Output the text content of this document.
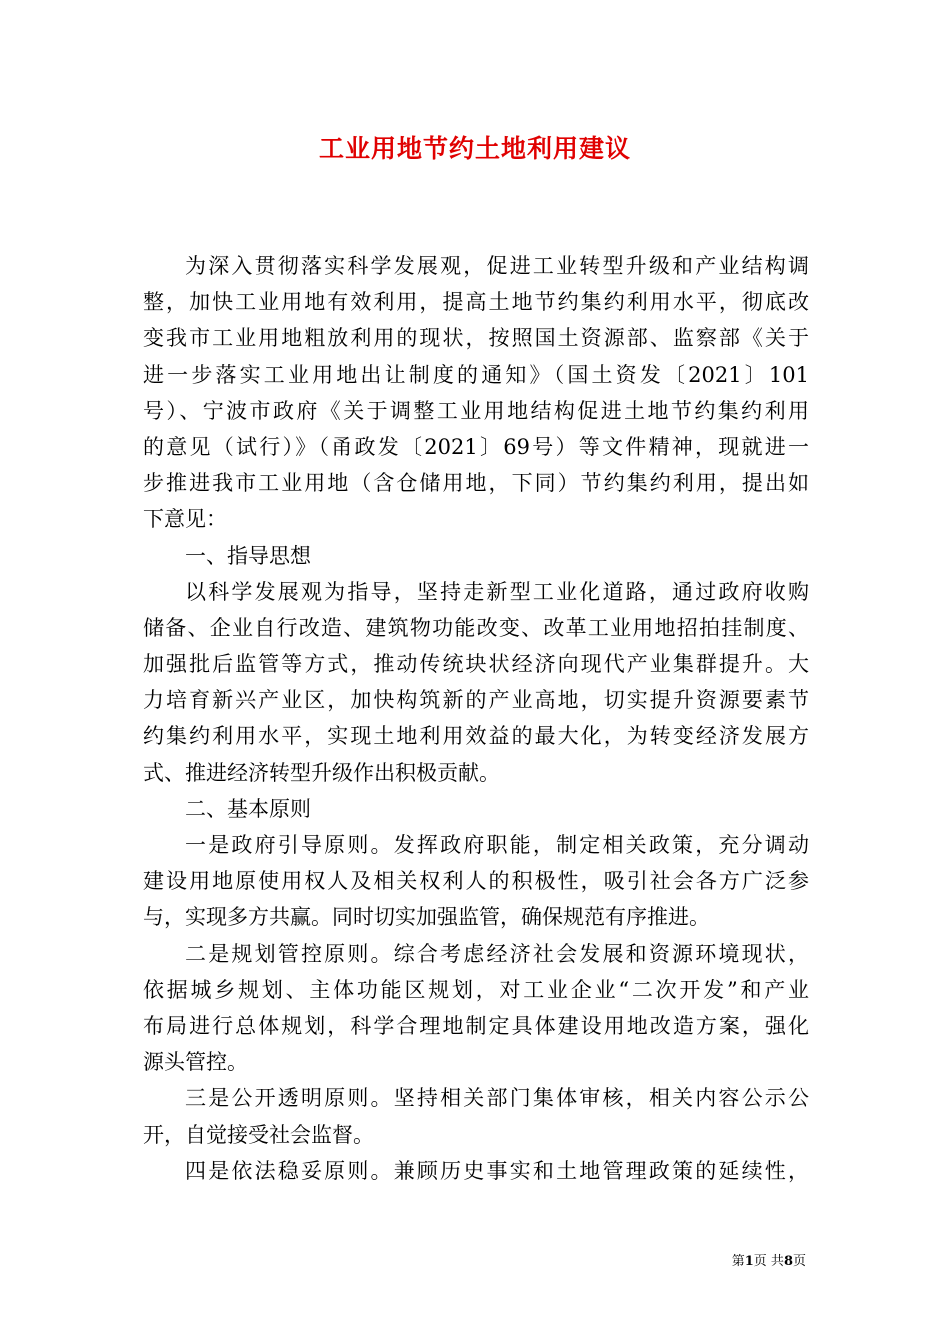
工业用地节约土地利用建议
为深入贯彻落实科学发展观，促进工业转型升级和产业结构调
整，加快工业用地有效利用，提高土地节约集约利用水平，彻底改
变我市工业用地粗放利用的现状，按照国土资源部、监察部《关于
进一步落实工业用地出让制度的通知》（国土资发〔2021〕101
号）、宁波市政府《关于调整工业用地结构促进土地节约集约利用
的意见（试行）》（甬政发〔2021〕69号）等文件精神，现就进一
步推进我市工业用地（含仓储用地，下同）节约集约利用，提出如
下意见：
一、指导思想
以科学发展观为指导，坚持走新型工业化道路，通过政府收购
储备、企业自行改造、建筑物功能改变、改革工业用地招拍挂制度、
加强批后监管等方式，推动传统块状经济向现代产业集群提升。大
力培育新兴产业区，加快构筑新的产业高地，切实提升资源要素节
约集约利用水平，实现土地利用效益的最大化，为转变经济发展方
式、推进经济转型升级作出积极贡献。
二、基本原则
一是政府引导原则。发挥政府职能，制定相关政策，充分调动
建设用地原使用权人及相关权利人的积极性，吸引社会各方广泛参
与，实现多方共赢。同时切实加强监管，确保规范有序推进。
二是规划管控原则。综合考虑经济社会发展和资源环境现状，
依据城乡规划、主体功能区规划，对工业企业“二次开发”和产业
布局进行总体规划，科学合理地制定具体建设用地改造方案，强化
源头管控。
三是公开透明原则。坚持相关部门集体审核，相关内容公示公
开，自觉接受社会监督。
四是依法稳妥原则。兼顾历史事实和土地管理政策的延续性，
第1页 共8页
